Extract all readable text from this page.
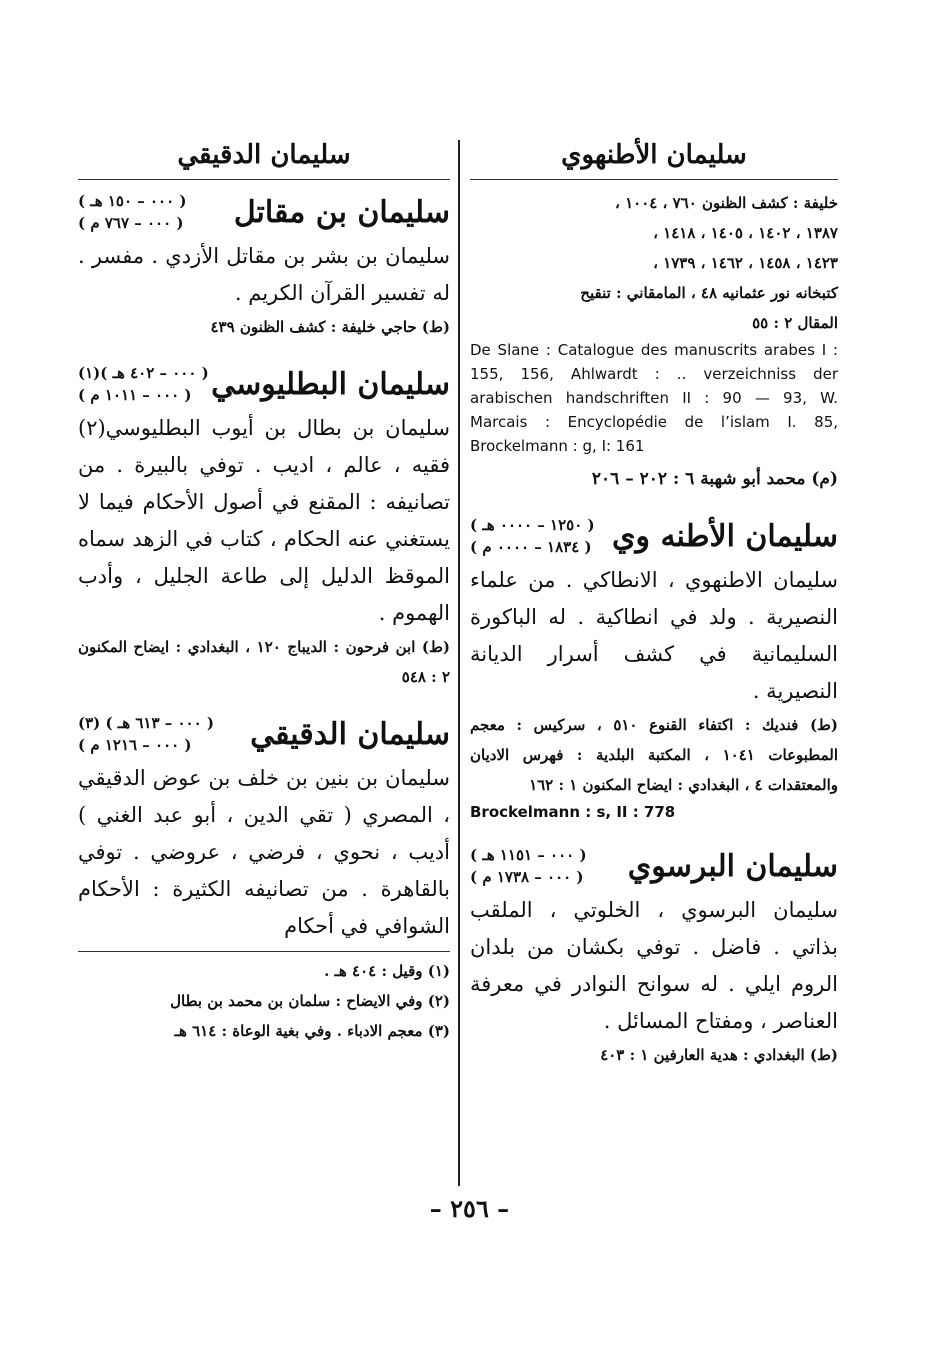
سليمان الأطنهوي
خليفة : كشف الظنون ٧٦٠ ، ١٠٠٤ ،
١٣٨٧ ، ١٤٠٢ ، ١٤٠٥ ، ١٤١٨ ،
١٤٢٣ ، ١٤٥٨ ، ١٤٦٢ ، ١٧٣٩ ،
كتبخانه نور عثمانيه ٤٨ ، المامقاني : تنقيح
المقال ٢ : ٥٥
De Slane : Catalogue des manuscrits arabes I : 155, 156, Ahlwardt : .. verzeichniss der arabischen handschriften II : 90 — 93, W. Marcais : Encyclopédie de l’islam I. 85, Brockelmann : g, I: 161
(م) محمد أبو شهبة ٦ : ٢٠٢ – ٢٠٦
سليمان الأطنه وي
( ١٢٥٠ – ٠٠٠٠ هـ )
( ١٨٣٤ – ٠٠٠٠ م )
سليمان الاطنهوي ، الانطاكي . من علماء النصيرية . ولد في انطاكية . له الباكورة السليمانية في كشف أسرار الديانة النصيرية .
(ط) فنديك : اكتفاء القنوع ٥١٠ ، سركيس : معجم المطبوعات ١٠٤١ ، المكتبة البلدية : فهرس الاديان والمعتقدات ٤ ، البغدادي : ايضاح المكنون ١ : ١٦٢
Brockelmann : s, II : 778
سليمان البرسوي
( ٠٠٠ – ١١٥١ هـ )
( ٠٠٠ – ١٧٣٨ م )
سليمان البرسوي ، الخلوتي ، الملقب بذاتي . فاضل . توفي بكشان من بلدان الروم ايلي . له سوانح النوادر في معرفة العناصر ، ومفتاح المسائل .
(ط) البغدادي : هدية العارفين ١ : ٤٠٣
سليمان الدقيقي
سليمان بن مقاتل
( ٠٠٠ – ١٥٠ هـ )
( ٠٠٠ – ٧٦٧ م )
سليمان بن بشر بن مقاتل الأزدي . مفسر . له تفسير القرآن الكريم .
(ط) حاجي خليفة : كشف الظنون ٤٣٩
سليمان البطليوسي
( ٠٠٠ – ٤٠٢ هـ )(١)
( ٠٠٠ – ١٠١١ م )
سليمان بن بطال بن أيوب البطليوسي(٢) فقيه ، عالم ، اديب . توفي بالبيرة . من تصانيفه : المقنع في أصول الأحكام فيما لا يستغني عنه الحكام ، كتاب في الزهد سماه الموقظ الدليل إلى طاعة الجليل ، وأدب الهموم .
(ط) ابن فرحون : الديباج ١٢٠ ، البغدادي : ايضاح المكنون ٢ : ٥٤٨
سليمان الدقيقي
( ٠٠٠ – ٦١٣ هـ ) (٣)
( ٠٠٠ – ١٢١٦ م )
سليمان بن بنين بن خلف بن عوض الدقيقي ، المصري ( تقي الدين ، أبو عبد الغني ) أديب ، نحوي ، فرضي ، عروضي . توفي بالقاهرة . من تصانيفه الكثيرة : الأحكام الشوافي في أحكام
(١) وقيل : ٤٠٤ هـ .
(٢) وفي الايضاح : سلمان بن محمد بن بطال
(٣) معجم الادباء . وفي بغية الوعاة : ٦١٤ هـ
– ٢٥٦ –
